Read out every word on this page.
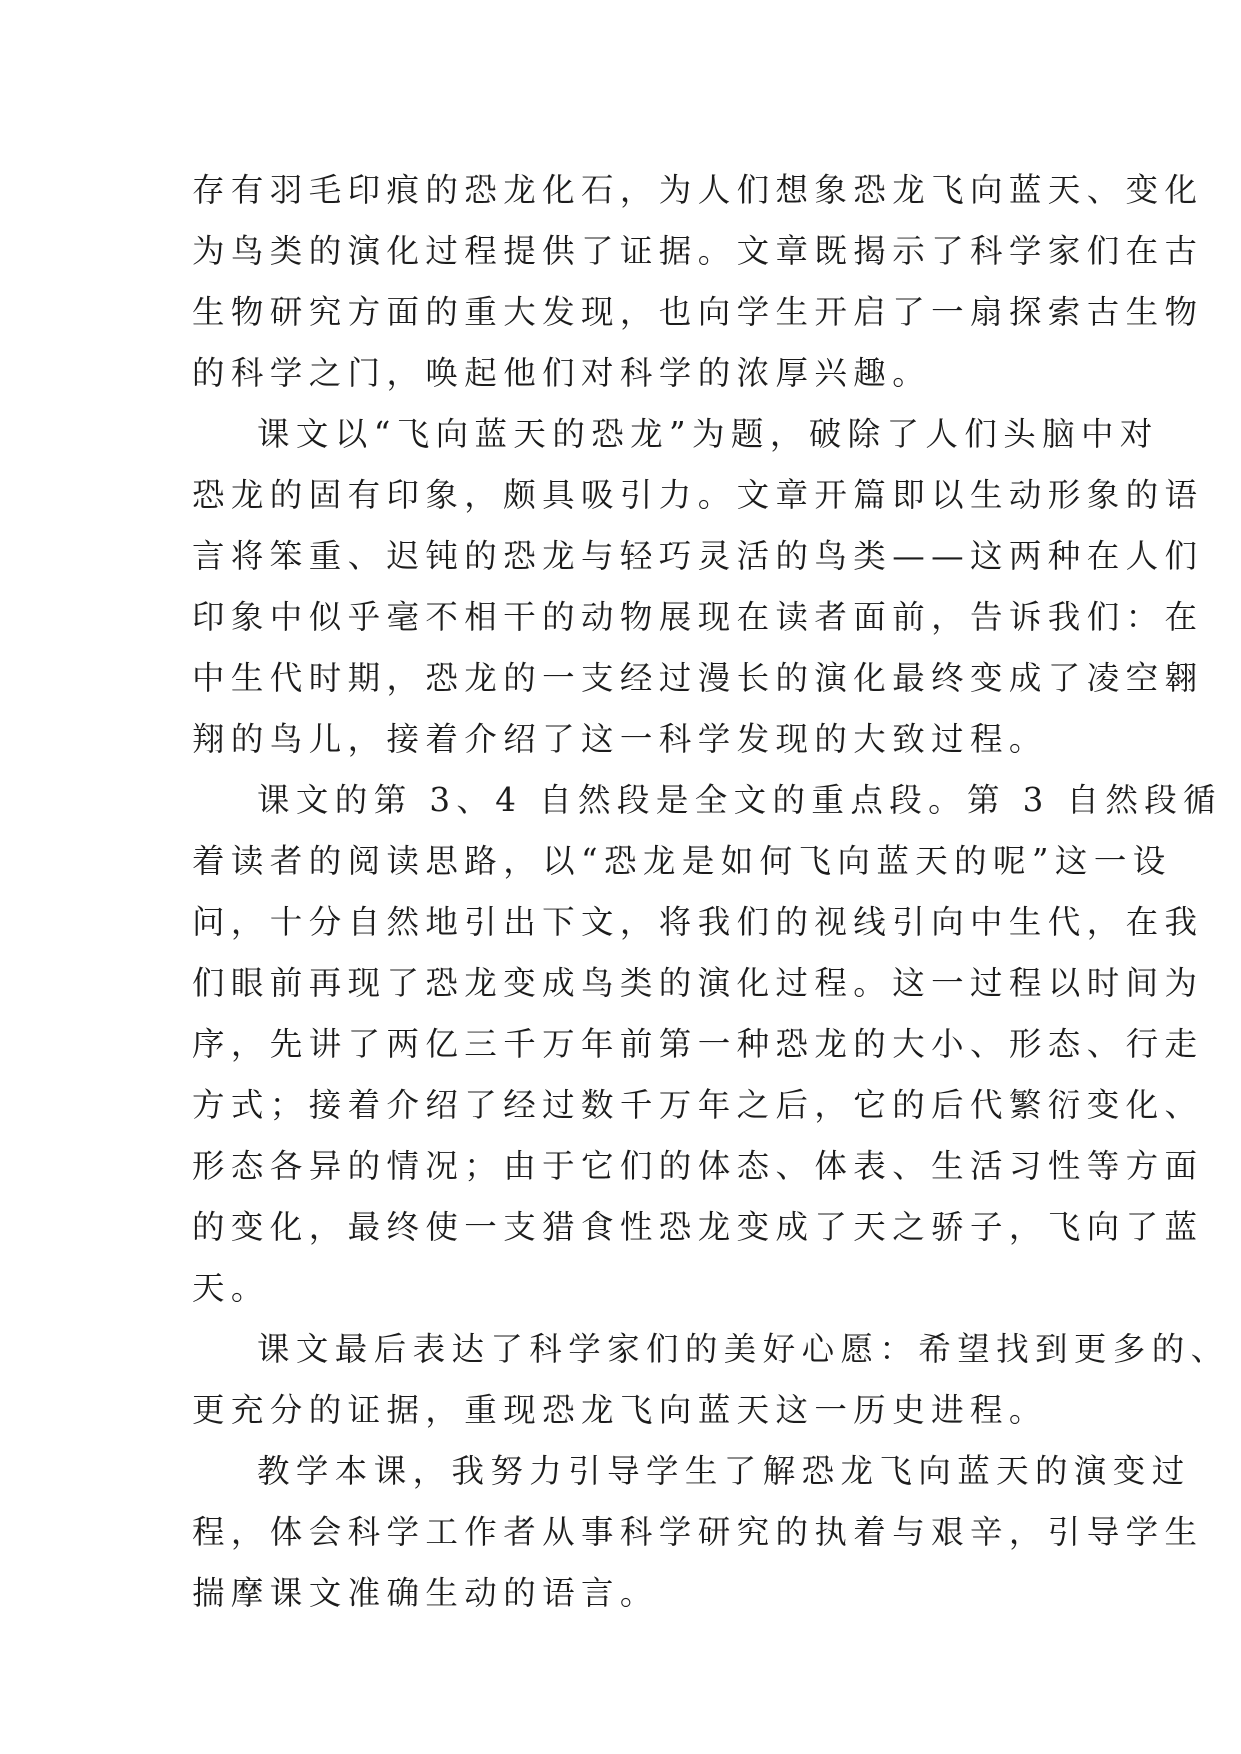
存有羽毛印痕的恐龙化石，为人们想象恐龙飞向蓝天、变化
为鸟类的演化过程提供了证据。文章既揭示了科学家们在古
生物研究方面的重大发现，也向学生开启了一扇探索古生物
的科学之门，唤起他们对科学的浓厚兴趣。

课文以“飞向蓝天的恐龙”为题，破除了人们头脑中对
恐龙的固有印象，颇具吸引力。文章开篇即以生动形象的语
言将笨重、迟钝的恐龙与轻巧灵活的鸟类——这两种在人们
印象中似乎毫不相干的动物展现在读者面前，告诉我们：在
中生代时期，恐龙的一支经过漫长的演化最终变成了凌空翱
翔的鸟儿，接着介绍了这一科学发现的大致过程。

课文的第 3、4 自然段是全文的重点段。第 3 自然段循
着读者的阅读思路，以“恐龙是如何飞向蓝天的呢”这一设
问，十分自然地引出下文，将我们的视线引向中生代，在我
们眼前再现了恐龙变成鸟类的演化过程。这一过程以时间为
序，先讲了两亿三千万年前第一种恐龙的大小、形态、行走
方式；接着介绍了经过数千万年之后，它的后代繁衍变化、
形态各异的情况；由于它们的体态、体表、生活习性等方面
的变化，最终使一支猎食性恐龙变成了天之骄子，飞向了蓝
天。

课文最后表达了科学家们的美好心愿：希望找到更多的、
更充分的证据，重现恐龙飞向蓝天这一历史进程。

教学本课，我努力引导学生了解恐龙飞向蓝天的演变过
程，体会科学工作者从事科学研究的执着与艰辛，引导学生
揣摩课文准确生动的语言。
